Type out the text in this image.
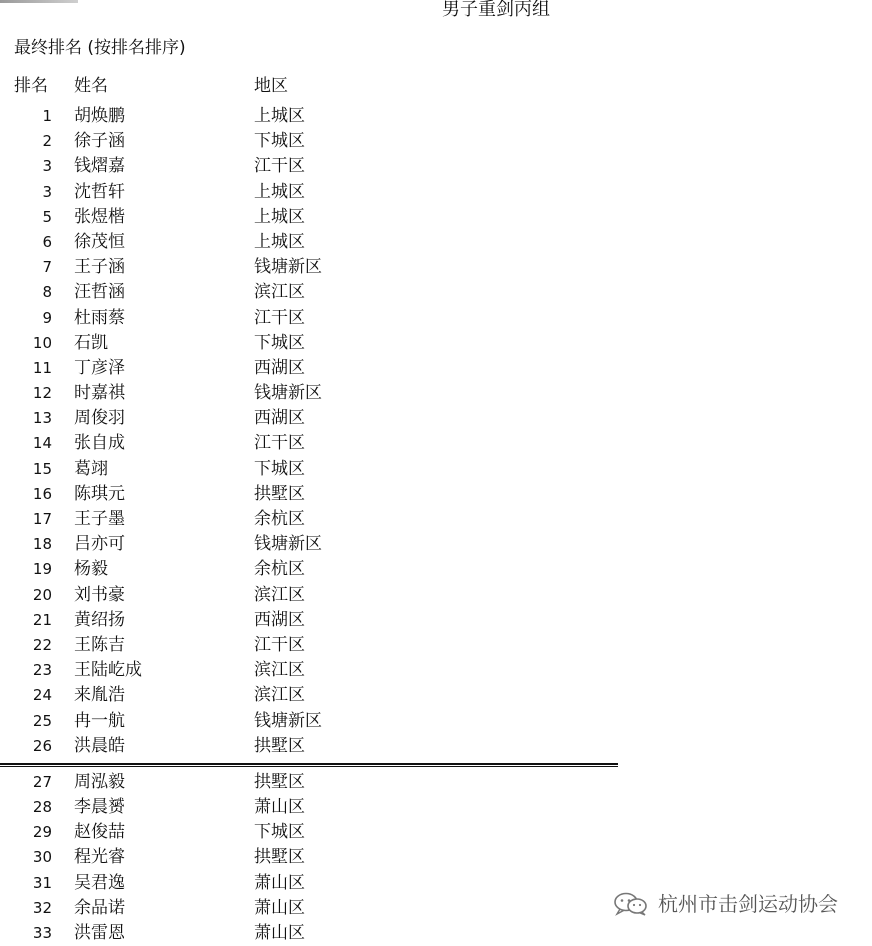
男子重剑丙组
最终排名 (按排名排序)
排名 姓名	地区
1 胡焕鹏	上城区
2 徐子涵	下城区
3 钱熠嘉	江干区
3 沈哲轩	上城区
5 张煜楷	上城区
6 徐茂恒	上城区
7 王子涵	钱塘新区
8 汪哲涵	滨江区
9 杜雨蔡	江干区
10 石凯	下城区
11 丁彦泽	西湖区
12 时嘉祺	钱塘新区
13 周俊羽	西湖区
14 张自成	江干区
15 葛翊	下城区
16 陈琪元	拱墅区
17 王子墨	余杭区
18 吕亦可	钱塘新区
19 杨毅	余杭区
20 刘书豪	滨江区
21 黄绍扬	西湖区
22 王陈吉	江干区
23 王陆屹成	滨江区
24 来胤浩	滨江区
25 冉一航	钱塘新区
26 洪晨皓	拱墅区
27 周泓毅	拱墅区
28 李晨赟	萧山区
29 赵俊喆	下城区
30 程光睿	拱墅区
31 吴君逸	萧山区
32 余品诺	萧山区
33 洪雷恩	萧山区
杭州市击剑运动协会
